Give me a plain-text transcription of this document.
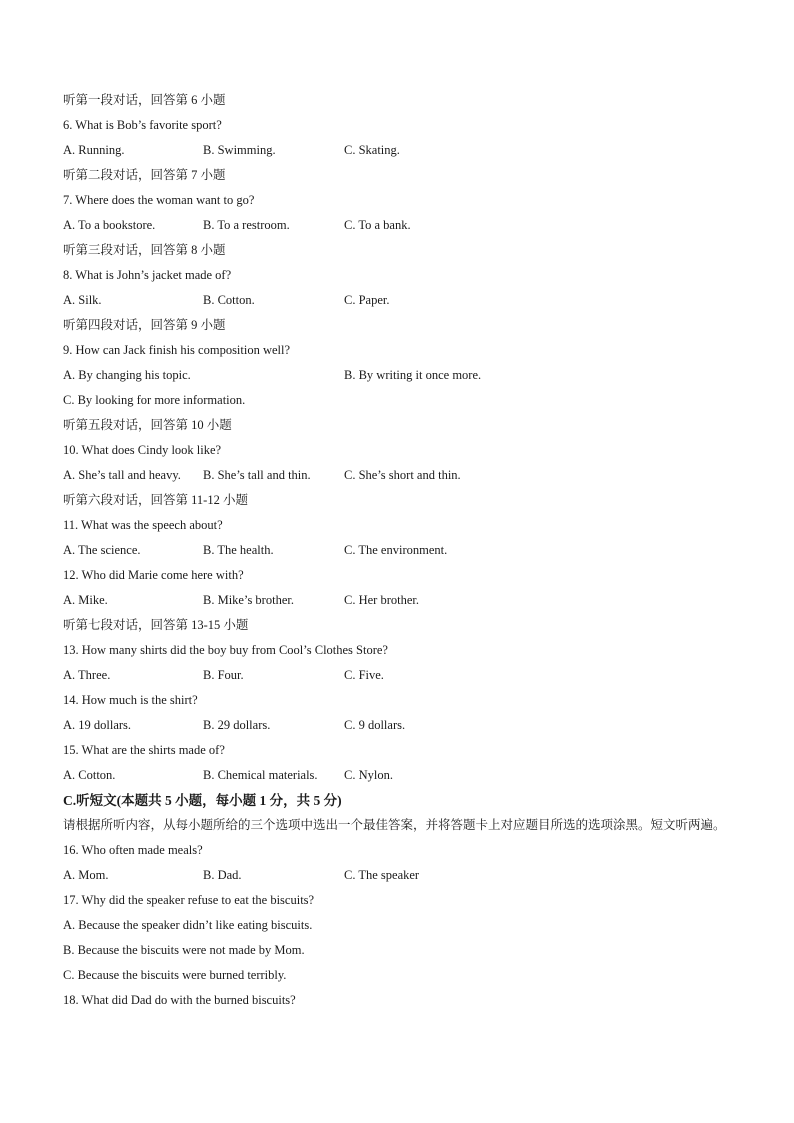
听第一段对话，回答第 6 小题
6. What is Bob’s favorite sport?
A. Running.	B. Swimming.	C. Skating.
听第二段对话，回答第 7 小题
7. Where does the woman want to go?
A. To a bookstore.	B. To a restroom.	C. To a bank.
听第三段对话，回答第 8 小题
8. What is John’s jacket made of?
A. Silk.	B. Cotton.	C. Paper.
听第四段对话，回答第 9 小题
9. How can Jack finish his composition well?
A. By changing his topic.	B. By writing it once more.
C. By looking for more information.
听第五段对话，回答第 10 小题
10. What does Cindy look like?
A. She’s tall and heavy. B. She’s tall and thin.	C. She’s short and thin.
听第六段对话，回答第 11-12 小题
11. What was the speech about?
A. The science.	B. The health.	C. The environment.
12. Who did Marie come here with?
A. Mike.	B. Mike’s brother.	C. Her brother.
听第七段对话，回答第 13-15 小题
13. How many shirts did the boy buy from Cool’s Clothes Store?
A. Three.	B. Four.	C. Five.
14. How much is the shirt?
A. 19 dollars.	B. 29 dollars.	C. 9 dollars.
15. What are the shirts made of?
A. Cotton.	B. Chemical materials. C. Nylon.
C.听短文(本题共 5 小题，每小题 1 分，共 5 分)
请根据所听内容，从每小题所给的三个选项中选出一个最佳答案，并将答题卡上对应题目所选的选项涂黑。短文听两遍。
16. Who often made meals?
A. Mom.	B. Dad.	C. The speaker
17. Why did the speaker refuse to eat the biscuits?
A. Because the speaker didn’t like eating biscuits.
B. Because the biscuits were not made by Mom.
C. Because the biscuits were burned terribly.
18. What did Dad do with the burned biscuits?
